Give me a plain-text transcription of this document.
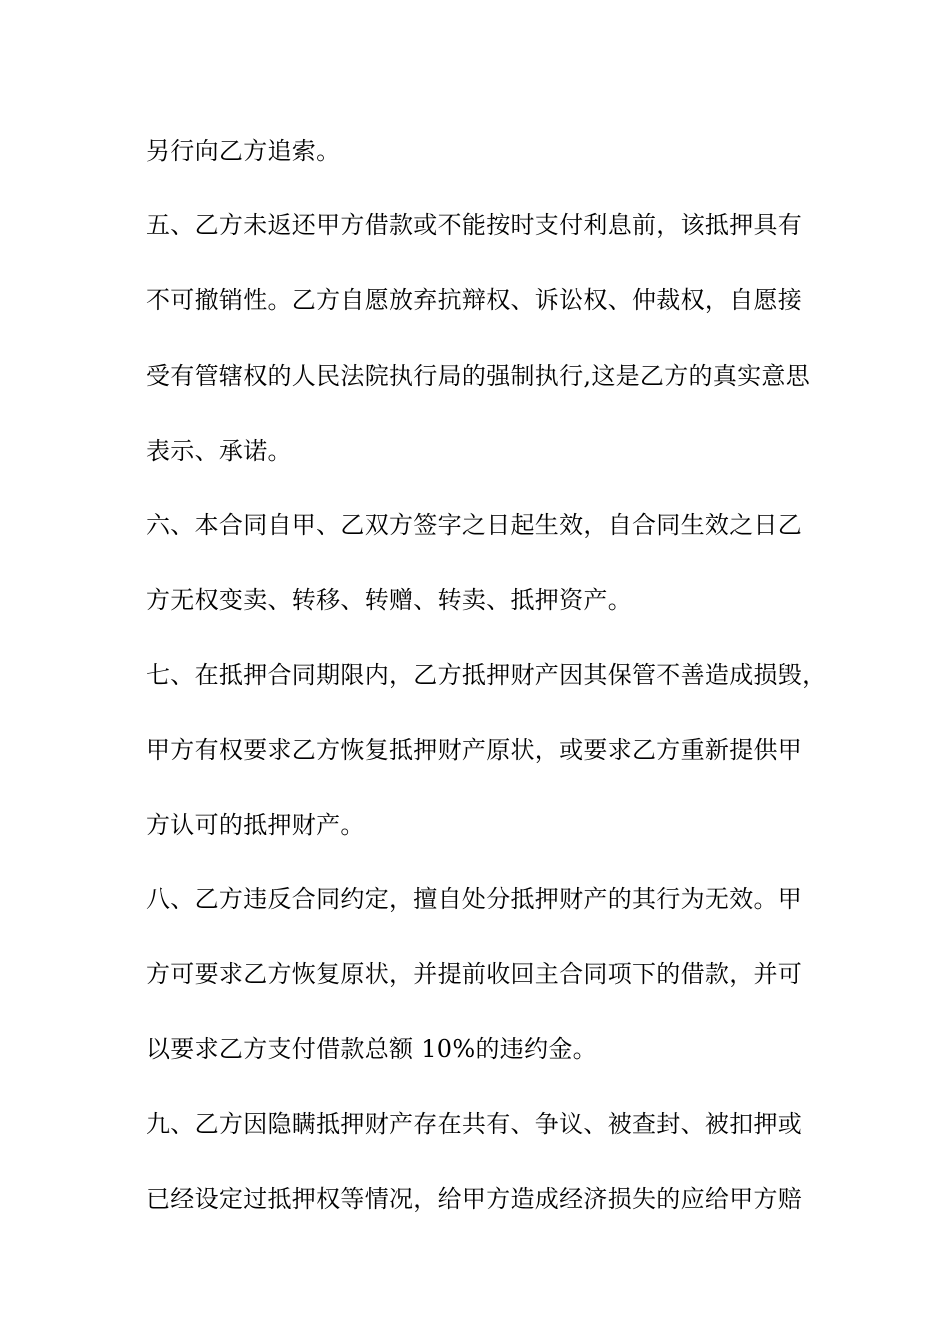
另行向乙方追索。
五、乙方未返还甲方借款或不能按时支付利息前，该抵押具有
不可撤销性。乙方自愿放弃抗辩权、诉讼权、仲裁权，自愿接
受有管辖权的人民法院执行局的强制执行,这是乙方的真实意思
表示、承诺。
六、本合同自甲、乙双方签字之日起生效，自合同生效之日乙
方无权变卖、转移、转赠、转卖、抵押资产。
七、在抵押合同期限内，乙方抵押财产因其保管不善造成损毁，
甲方有权要求乙方恢复抵押财产原状，或要求乙方重新提供甲
方认可的抵押财产。
八、乙方违反合同约定，擅自处分抵押财产的其行为无效。甲
方可要求乙方恢复原状，并提前收回主合同项下的借款，并可
以要求乙方支付借款总额 10%的违约金。
九、乙方因隐瞒抵押财产存在共有、争议、被查封、被扣押或
已经设定过抵押权等情况，给甲方造成经济损失的应给甲方赔
